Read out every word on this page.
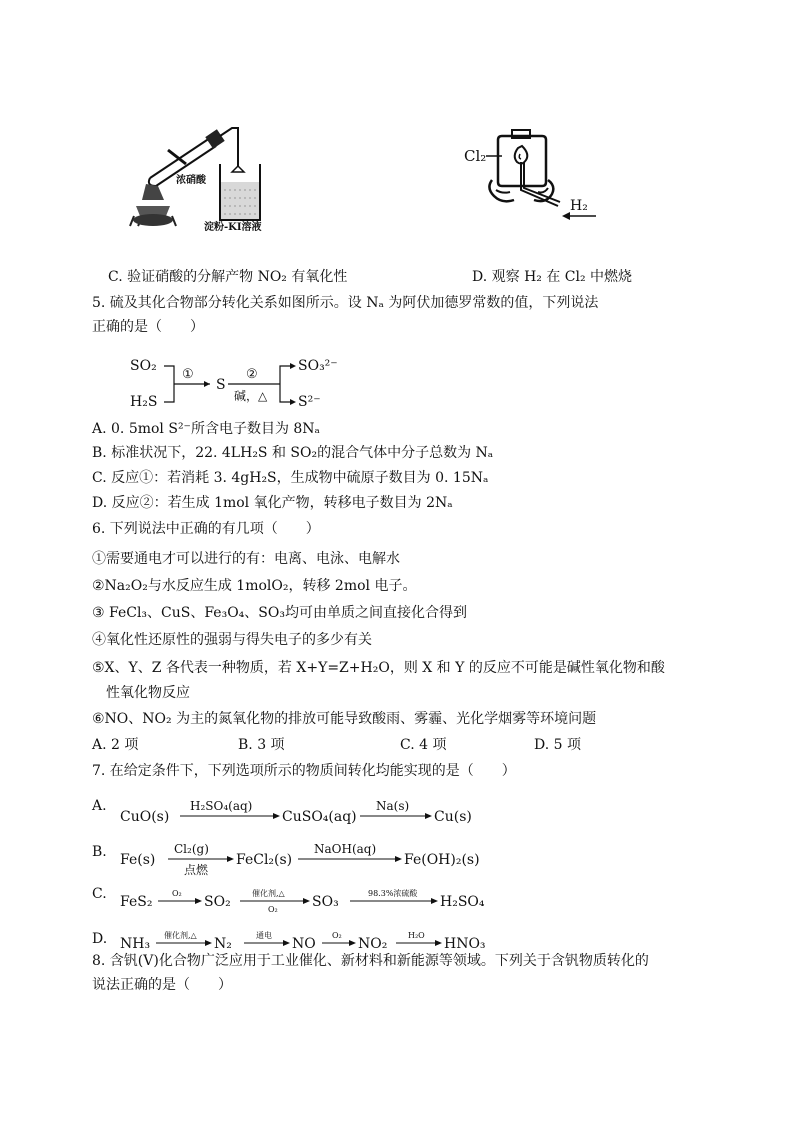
浓硝酸
淀粉-KI溶液
Cl₂
H₂
C. 验证硝酸的分解产物 NO₂ 有氧化性	D. 观察 H₂ 在 Cl₂ 中燃烧
5. 硫及其化合物部分转化关系如图所示。设 Nₐ 为阿伏加德罗常数的值，下列说法
正确的是（　　）
SO₂
H₂S
①
S
②
碱，△
SO₃²⁻
S²⁻
A. 0. 5mol S²⁻所含电子数目为 8Nₐ
B. 标准状况下，22. 4LH₂S 和 SO₂的混合气体中分子总数为 Nₐ
C. 反应①：若消耗 3. 4gH₂S，生成物中硫原子数目为 0. 15Nₐ
D. 反应②：若生成 1mol 氧化产物，转移电子数目为 2Nₐ
6. 下列说法中正确的有几项（　　）
①需要通电才可以进行的有：电离、电泳、电解水
②Na₂O₂与水反应生成 1molO₂，转移 2mol 电子。
③ FeCl₃、CuS、Fe₃O₄、SO₃均可由单质之间直接化合得到
④氧化性还原性的强弱与得失电子的多少有关
⑤X、Y、Z 各代表一种物质，若 X+Y=Z+H₂O，则 X 和 Y 的反应不可能是碱性氧化物和酸
性氧化物反应
⑥NO、NO₂ 为主的氮氧化物的排放可能导致酸雨、雾霾、光化学烟雾等环境问题
A. 2 项	B. 3 项	C. 4 项	D. 5 项
7. 在给定条件下，下列选项所示的物质间转化均能实现的是（　　）
A.
CuO(s)
H₂SO₄(aq)
CuSO₄(aq)
Na(s)
Cu(s)
B. Fe(s)
Cl₂(g)
点燃
FeCl₂(s)
NaOH(aq)
Fe(OH)₂(s)
C. FeS₂
O₂
SO₂
催化剂,△
O₂ SO₃
98.3%浓硫酸
H₂SO₄
D. NH₃
催化剂,△
N₂
通电
NO
O₂
NO₂
H₂O
HNO₃
8. 含钒(V)化合物广泛应用于工业催化、新材料和新能源等领域。下列关于含钒物质转化的
说法正确的是（　　）
